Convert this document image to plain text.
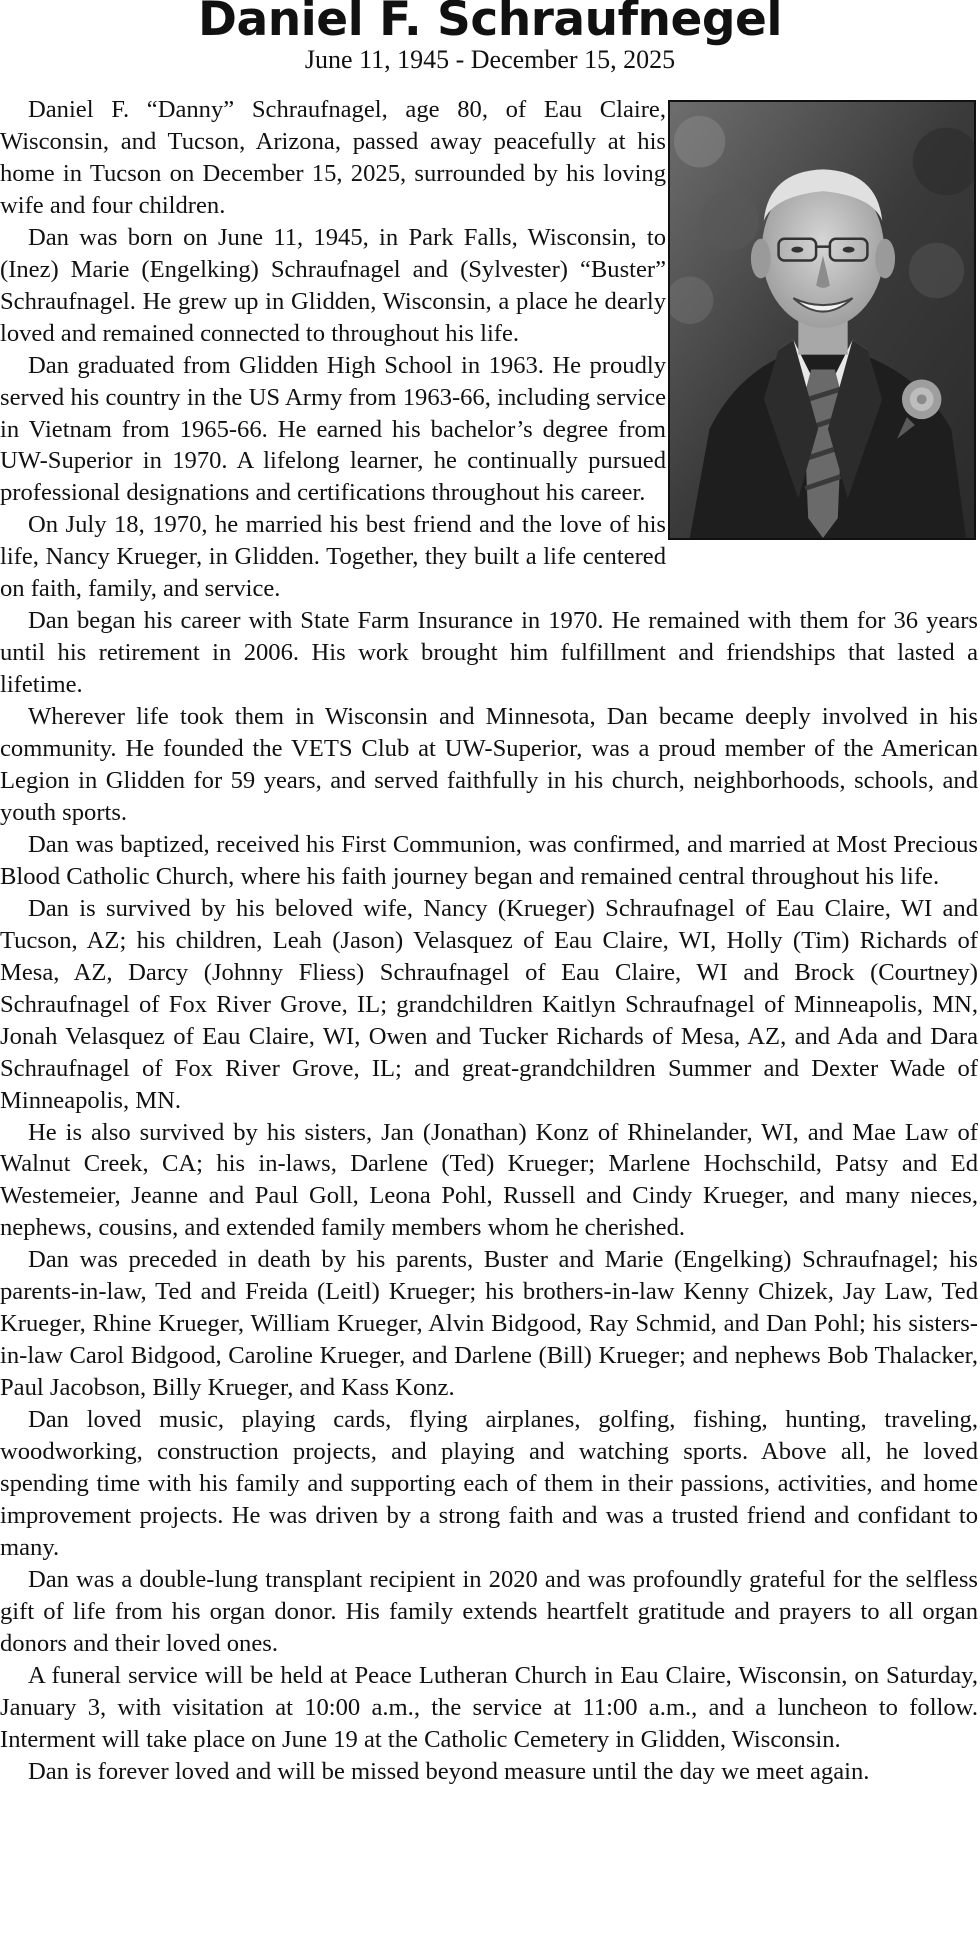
Daniel F. Schraufnegel
June 11, 1945 - December 15, 2025

Daniel F. “Danny” Schraufnagel, age 80, of Eau Claire, Wisconsin, and Tucson, Arizona, passed away peacefully at his home in Tucson on December 15, 2025, surrounded by his loving wife and four children.

Dan was born on June 11, 1945, in Park Falls, Wisconsin, to (Inez) Marie (Engelking) Schraufnagel and (Sylvester) “Buster” Schraufnagel. He grew up in Glidden, Wisconsin, a place he dearly loved and remained connected to throughout his life.

Dan graduated from Glidden High School in 1963. He proudly served his country in the US Army from 1963-66, including service in Vietnam from 1965-66. He earned his bachelor’s degree from UW-Superior in 1970. A lifelong learner, he continually pursued professional designations and certifications throughout his career.

On July 18, 1970, he married his best friend and the love of his life, Nancy Krueger, in Glidden. Together, they built a life centered on faith, family, and service.

Dan began his career with State Farm Insurance in 1970. He remained with them for 36 years until his retirement in 2006. His work brought him fulfillment and friendships that lasted a lifetime.

Wherever life took them in Wisconsin and Minnesota, Dan became deeply involved in his community. He founded the VETS Club at UW-Superior, was a proud member of the American Legion in Glidden for 59 years, and served faithfully in his church, neighborhoods, schools, and youth sports.

Dan was baptized, received his First Communion, was confirmed, and married at Most Precious Blood Catholic Church, where his faith journey began and remained central throughout his life.

Dan is survived by his beloved wife, Nancy (Krueger) Schraufnagel of Eau Claire, WI and Tucson, AZ; his children, Leah (Jason) Velasquez of Eau Claire, WI, Holly (Tim) Richards of Mesa, AZ, Darcy (Johnny Fliess) Schraufnagel of Eau Claire, WI and Brock (Courtney) Schraufnagel of Fox River Grove, IL; grandchildren Kaitlyn Schraufnagel of Minneapolis, MN, Jonah Velasquez of Eau Claire, WI, Owen and Tucker Richards of Mesa, AZ, and Ada and Dara Schraufnagel of Fox River Grove, IL; and great-grandchildren Summer and Dexter Wade of Minneapolis, MN.

He is also survived by his sisters, Jan (Jonathan) Konz of Rhinelander, WI, and Mae Law of Walnut Creek, CA; his in-laws, Darlene (Ted) Krueger; Marlene Hochschild, Patsy and Ed Westemeier, Jeanne and Paul Goll, Leona Pohl, Russell and Cindy Krueger, and many nieces, nephews, cousins, and extended family members whom he cherished.

Dan was preceded in death by his parents, Buster and Marie (Engelking) Schraufnagel; his parents-in-law, Ted and Freida (Leitl) Krueger; his brothers-in-law Kenny Chizek, Jay Law, Ted Krueger, Rhine Krueger, William Krueger, Alvin Bidgood, Ray Schmid, and Dan Pohl; his sisters-in-law Carol Bidgood, Caroline Krueger, and Darlene (Bill) Krueger; and nephews Bob Thalacker, Paul Jacobson, Billy Krueger, and Kass Konz.

Dan loved music, playing cards, flying airplanes, golfing, fishing, hunting, traveling, woodworking, construction projects, and playing and watching sports. Above all, he loved spending time with his family and supporting each of them in their passions, activities, and home improvement projects. He was driven by a strong faith and was a trusted friend and confidant to many.

Dan was a double-lung transplant recipient in 2020 and was profoundly grateful for the selfless gift of life from his organ donor. His family extends heartfelt gratitude and prayers to all organ donors and their loved ones.

A funeral service will be held at Peace Lutheran Church in Eau Claire, Wisconsin, on Saturday, January 3, with visitation at 10:00 a.m., the service at 11:00 a.m., and a luncheon to follow. Interment will take place on June 19 at the Catholic Cemetery in Glidden, Wisconsin.

Dan is forever loved and will be missed beyond measure until the day we meet again.
